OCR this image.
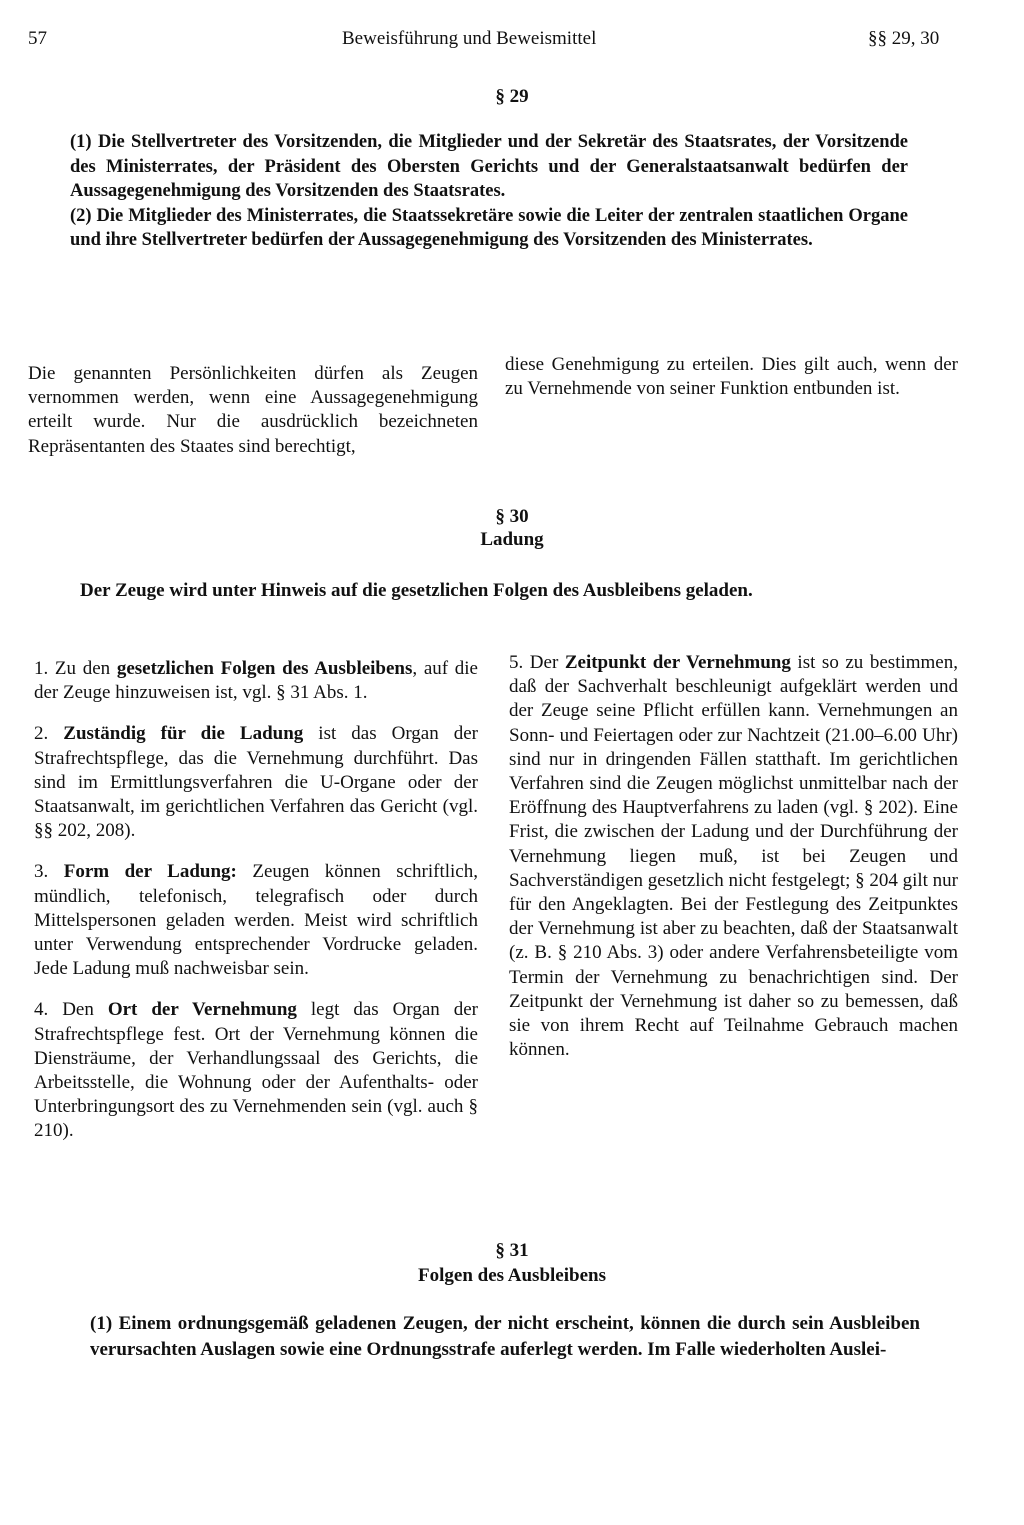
57	Beweisführung und Beweismittel	§§ 29, 30
§ 29

(1) Die Stellvertreter des Vorsitzenden, die Mitglieder und der Sekretär des Staatsrates, der Vorsitzende des Ministerrates, der Präsident des Obersten Gerichts und der Generalstaatsanwalt bedürfen der Aussagegenehmigung des Vorsitzenden des Staatsrates.

(2) Die Mitglieder des Ministerrates, die Staatssekretäre sowie die Leiter der zentralen staatlichen Organe und ihre Stellvertreter bedürfen der Aussagegenehmigung des Vorsitzenden des Ministerrates.

Die genannten Persönlichkeiten dürfen als Zeugen vernommen werden, wenn eine Aussagegenehmigung erteilt wurde. Nur die ausdrücklich bezeichneten Repräsentanten des Staates sind berechtigt,
diese Genehmigung zu erteilen. Dies gilt auch, wenn der zu Vernehmende von seiner Funktion entbunden ist.
§ 30
Ladung
Der Zeuge wird unter Hinweis auf die gesetzlichen Folgen des Ausbleibens geladen.

1. Zu den gesetzlichen Folgen des Ausbleibens, auf die der Zeuge hinzuweisen ist, vgl. § 31 Abs. 1.

2. Zuständig für die Ladung ist das Organ der Strafrechtspflege, das die Vernehmung durchführt. Das sind im Ermittlungsverfahren die U-Organe oder der Staatsanwalt, im gerichtlichen Verfahren das Gericht (vgl. §§ 202, 208).

3. Form der Ladung: Zeugen können schriftlich, mündlich, telefonisch, telegrafisch oder durch Mittelspersonen geladen werden. Meist wird schriftlich unter Verwendung entsprechender Vordrucke geladen. Jede Ladung muß nachweisbar sein.

4. Den Ort der Vernehmung legt das Organ der Strafrechtspflege fest. Ort der Vernehmung können die Diensträume, der Verhandlungssaal des Gerichts, die Arbeitsstelle, die Wohnung oder der Aufenthalts- oder Unterbringungsort des zu Vernehmenden sein (vgl. auch § 210).

5. Der Zeitpunkt der Vernehmung ist so zu bestimmen, daß der Sachverhalt beschleunigt aufgeklärt werden und der Zeuge seine Pflicht erfüllen kann. Vernehmungen an Sonn- und Feiertagen oder zur Nachtzeit (21.00–6.00 Uhr) sind nur in dringenden Fällen statthaft. Im gerichtlichen Verfahren sind die Zeugen möglichst unmittelbar nach der Eröffnung des Hauptverfahrens zu laden (vgl. § 202). Eine Frist, die zwischen der Ladung und der Durchführung der Vernehmung liegen muß, ist bei Zeugen und Sachverständigen gesetzlich nicht festgelegt; § 204 gilt nur für den Angeklagten. Bei der Festlegung des Zeitpunktes der Vernehmung ist aber zu beachten, daß der Staatsanwalt (z. B. § 210 Abs. 3) oder andere Verfahrensbeteiligte vom Termin der Vernehmung zu benachrichtigen sind. Der Zeitpunkt der Vernehmung ist daher so zu bemessen, daß sie von ihrem Recht auf Teilnahme Gebrauch machen können.

§ 31
Folgen des Ausbleibens
(1) Einem ordnungsgemäß geladenen Zeugen, der nicht erscheint, können die durch sein Ausbleiben verursachten Auslagen sowie eine Ordnungsstrafe auferlegt werden. Im Falle wiederholten Auslei-
